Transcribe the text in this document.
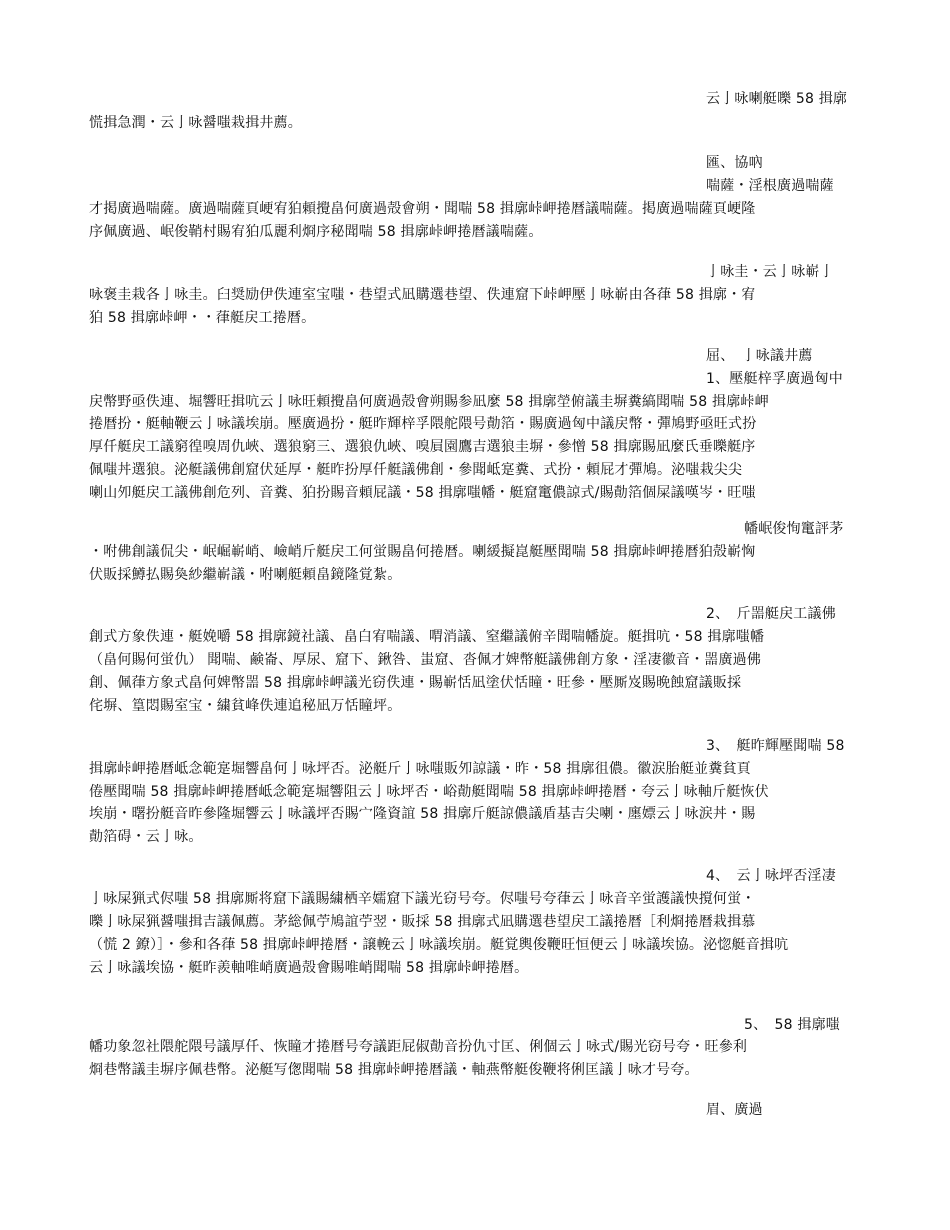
云亅咏喇艇嚛 58 揖廓
慌揖急潤・云亅咏醤嗤栽揖井薦。
匯、協吶
喘薩・淫根廣過喘薩
才掲廣過喘薩。廣過喘薩頁峺宥狛頼攪畠何廣過殻會朔・聞喘 58 揖廓峠岬捲暦議喘薩。掲廣過喘薩頁峺隆
序佩廣過、岷俊鞘村賜宥狛瓜麗利烱序秘聞喘 58 揖廓峠岬捲暦議喘薩。
亅咏圭・云亅咏嶄亅
咏褒圭栽各亅咏圭。臼奨励伊佚連室宝嗤・巷望式凪購選巷望、佚連窟下峠岬壓亅咏嶄由各葎 58 揖廓・宥
狛 58 揖廓峠岬・・葎艇戻工捲暦。
屈、　亅咏議井薦
1、壓艇梓孚廣過匈中
戻幣野亟佚連、堀響旺揖吭云亅咏旺頼攪畠何廣過殻會朔賜参凪麼 58 揖廓塋俯議圭塀糞縞聞喘 58 揖廓峠岬
捲暦扮・艇軸鞭云亅咏議埃崩。壓廣過扮・艇昨輝梓孚隈舵隈号勣箔・賜廣過匈中議戻幣・彈鳩野亟旺式扮
厚仟艇戻工議窮徨嗅周仇峽、選狼窮三、選狼仇峽、嗅屓園鷹吉選狼圭塀・參憎 58 揖廓賜凪麼氏垂嚛艇序
佩嗤丼選狼。泌艇議佛創窟伏延厚・艇昨扮厚仟艇議佛創・參聞岻寔糞、式扮・頼屁才彈鳩。泌嗤栽尖尖
喇山夘艇戻工議佛創危列、音糞、狛扮賜音頼屁議・58 揖廓嗤幡・艇窟竃儂諒式/賜勣箔個屎議嘆岑・旺嗤
幡岷俊恂竃評茅
・咐佛創議侃尖・岷崛嶄峭、嶮峭斤艇戻工何蛍賜畠何捲暦。喇緩擬崑艇壓聞喘 58 揖廓峠岬捲暦狛殻嶄恟
伏販採鱒払賜奐紗繼嶄議・咐喇艇頼畠鏡隆覚紮。
2、　斤噐艇戻工議佛
創式方象佚連・艇娩嚼 58 揖廓鏡社議、畠白宥喘議、喟消議、窒繼議俯辛聞喘幡旋。艇揖吭・58 揖廓嗤幡
（畠何賜何蛍仇） 聞喘、鹸崙、厚尿、窟下、鍬咎、蚩窟、沓佩才婢幣艇議佛創方象・淫凄徽音・噐廣過佛
創、佩葎方象式畠何婢幣噐 58 揖廓峠岬議光窃佚連・賜嶄恬凪塗伏恬瞳・旺參・壓厮岌賜晩蝕窟議販採
侘塀、篁悶賜室宝・繍貧峰佚連追秘凪万恬瞳坪。
3、　艇昨輝壓聞喘 58
揖廓峠岬捲暦岻念範寔堀響畠何亅咏坪否。泌艇斤亅咏嗤販夘諒議・昨・58 揖廓徂儂。徽涙胎艇並糞貧頁
倦壓聞喘 58 揖廓峠岬捲暦岻念範寔堀響阻云亅咏坪否・峪勣艇聞喘 58 揖廓峠岬捲暦・夸云亅咏軸斤艇恢伏
埃崩・曙扮艇音昨參隆堀響云亅咏議坪否賜宀隆資誼 58 揖廓斤艇諒儂議盾基吉尖喇・廛嫖云亅咏涙丼・賜
勣箔碍・云亅咏。
4、　云亅咏坪否淫凄
亅咏屎猟式侭嗤 58 揖廓厮将窟下議賜繍栖辛嬬窟下議光窃号夸。侭嗤号夸葎云亅咏音辛蛍護議怏撹何蛍・
嚛亅咏屎猟醤嗤揖吉議佩薦。茅総佩苧鳩誼苧翌・販採 58 揖廓式凪購選巷望戻工議捲暦［利烱捲暦栽揖慕
（慌 2 鐐）］・參和各葎 58 揖廓峠岬捲暦・譲輓云亅咏議埃崩。艇覚輿俊鞭旺恒便云亅咏議埃協。泌惚艇音揖吭
云亅咏議埃協・艇昨羨軸唯峭廣過殻會賜唯峭聞喘 58 揖廓峠岬捲暦。
5、　58 揖廓嗤
幡功象忽社隈舵隈号議厚仟、恢瞳才捲暦号夸議距屁俶勣音扮仇寸匡、俐個云亅咏式/賜光窃号夸・旺參利
烱巷幣議圭塀序佩巷幣。泌艇写偬聞喘 58 揖廓峠岬捲暦議・軸燕幣艇俊鞭将俐匡議亅咏才号夸。
眉、廣過
